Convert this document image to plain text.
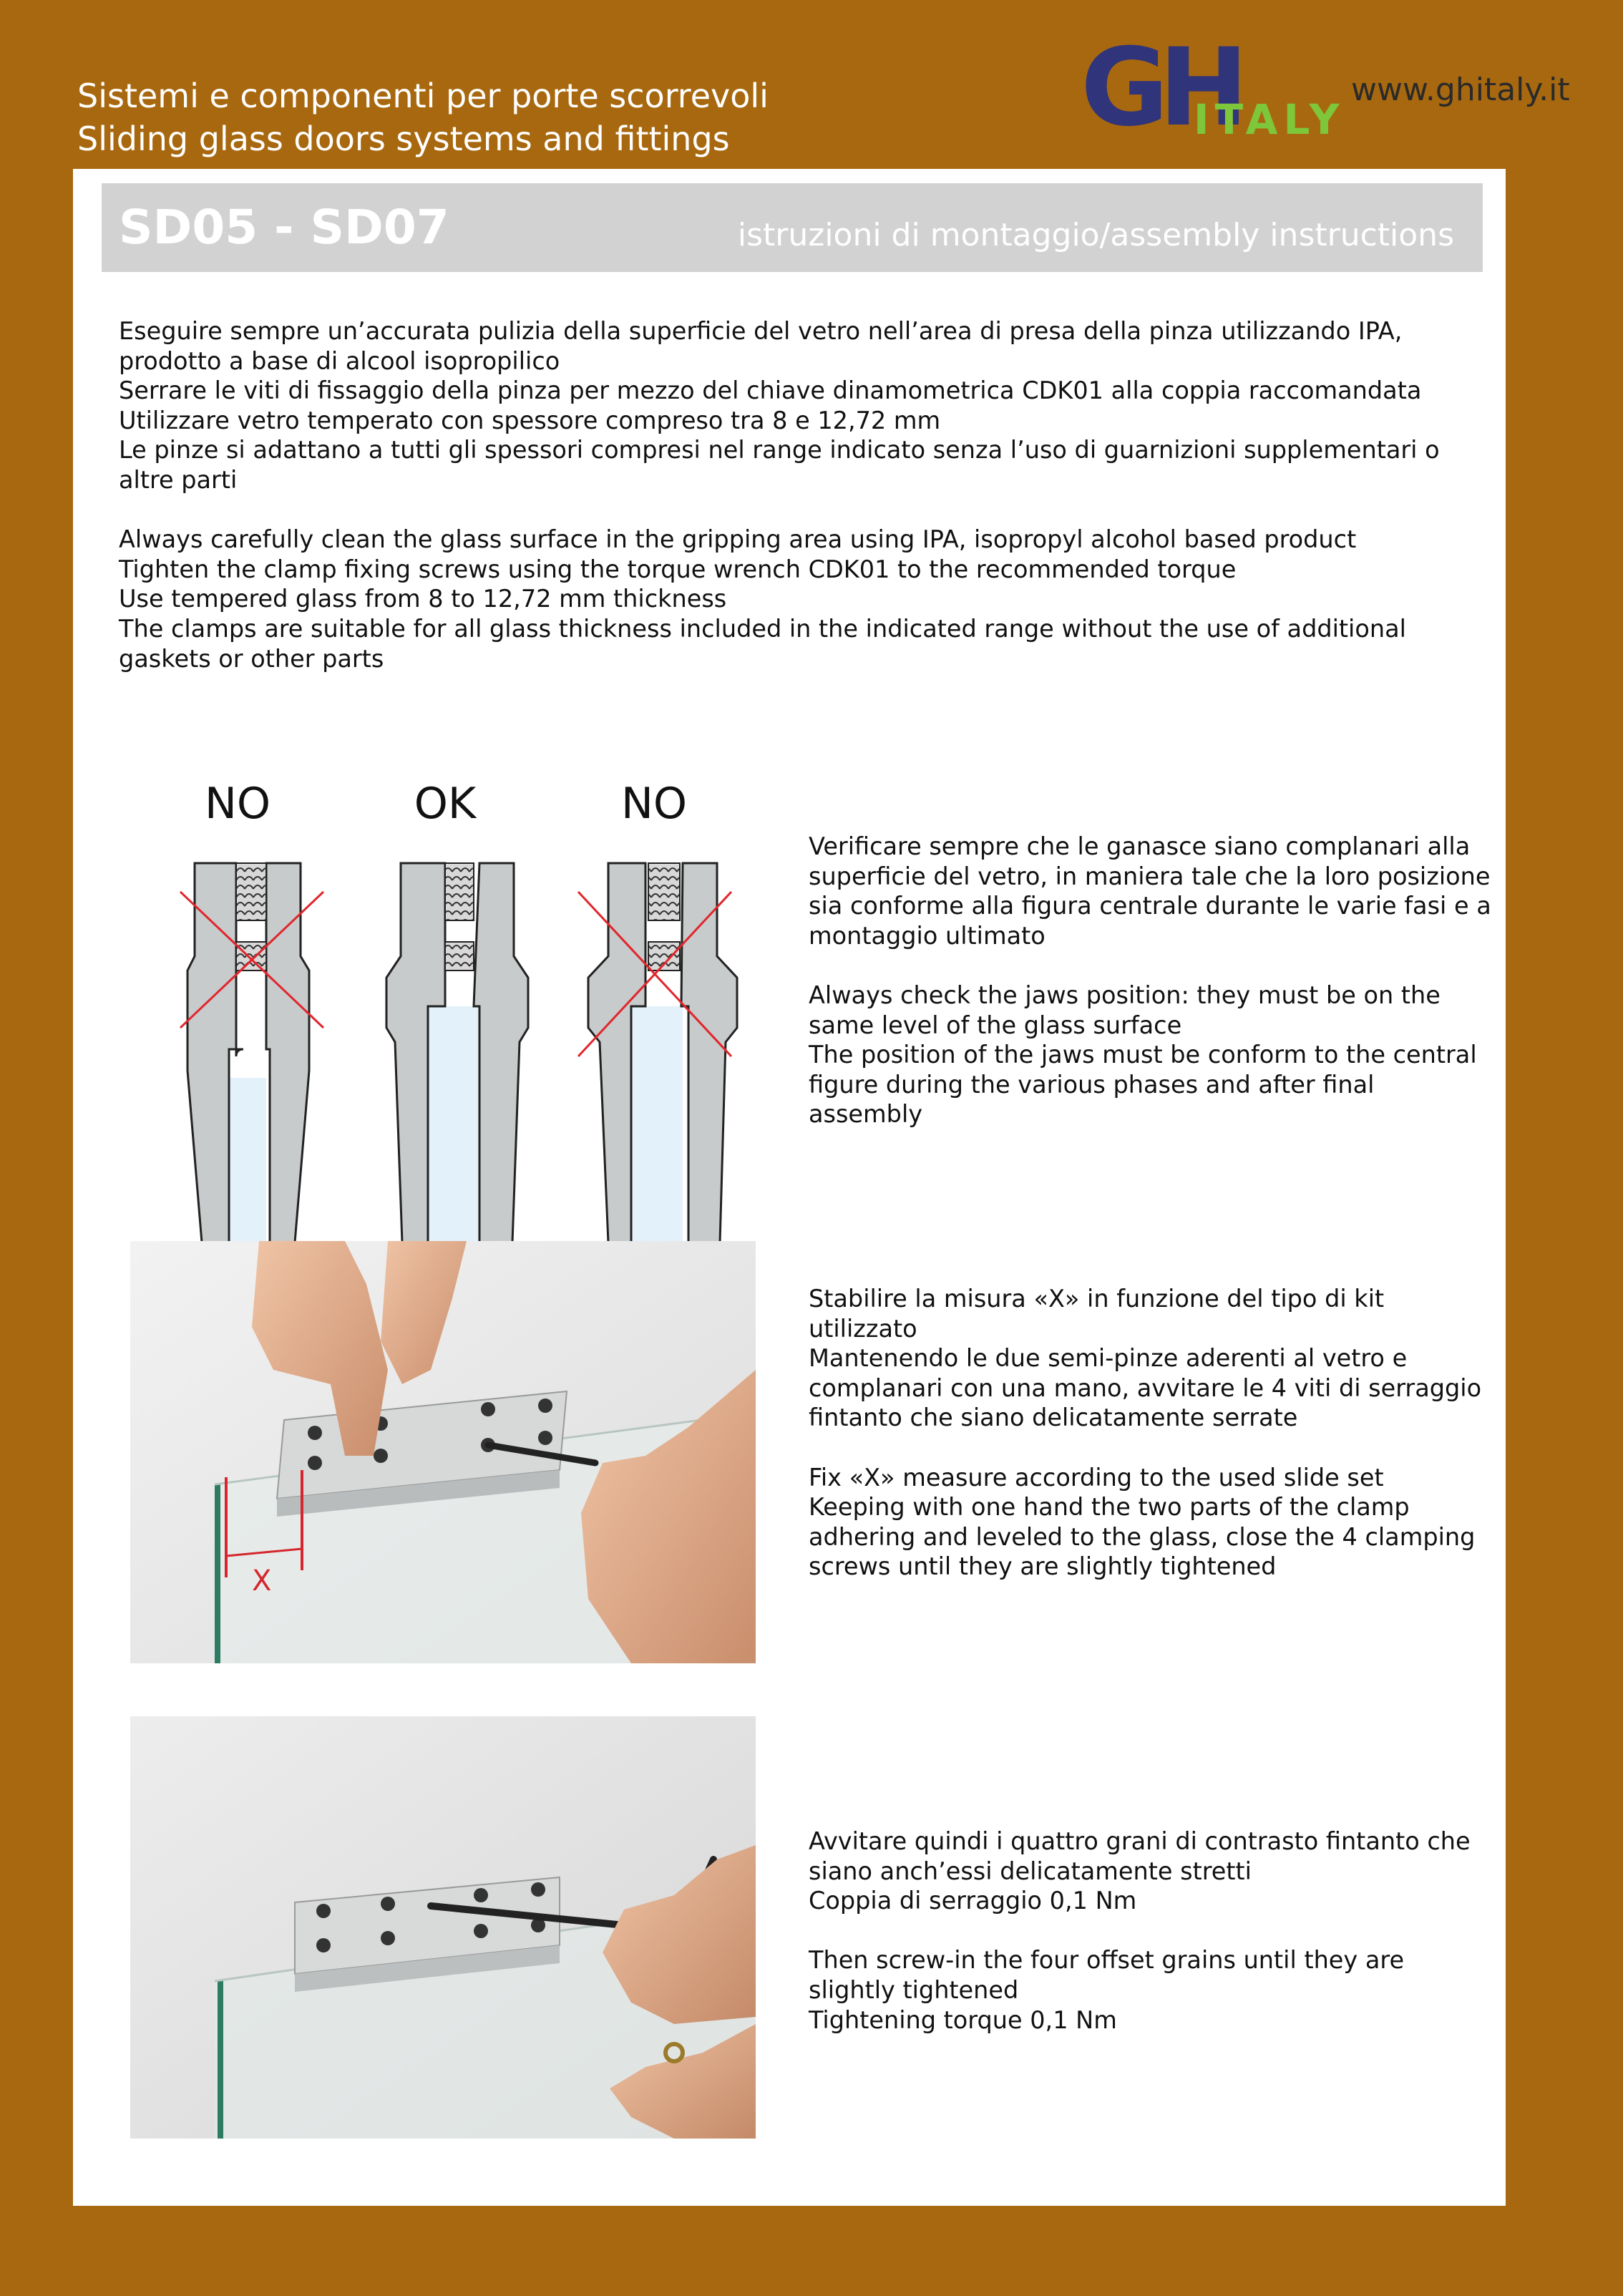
Sistemi e componenti per porte scorrevoli
Sliding glass doors systems and fittings	GH
ITALY
www.ghitaly.it
SD05 - SD07	istruzioni di montaggio/assembly instructions

Eseguire sempre un’accurata pulizia della superficie del vetro nell’area di presa della pinza utilizzando IPA, prodotto a base di alcool isopropilico

Serrare le viti di fissaggio della pinza per mezzo del chiave dinamometrica CDK01 alla coppia raccomandata

Utilizzare vetro temperato con spessore compreso tra 8 e 12,72 mm

Le pinze si adattano a tutti gli spessori compresi nel range indicato senza l’uso di guarnizioni supplementari o altre parti

Always carefully clean the glass surface in the gripping area using IPA, isopropyl alcohol based product

Tighten the clamp fixing screws using the torque wrench CDK01 to the recommended torque

Use tempered glass from 8 to 12,72 mm thickness

The clamps are suitable for all glass thickness included in the indicated range without the use of additional gaskets or other parts

NO	OK	NO

Verificare sempre che le ganasce siano complanari alla superficie del vetro, in maniera tale che la loro posizione sia conforme alla figura centrale durante le varie fasi e a montaggio ultimato

Always check the jaws position: they must be on the same level of the glass surface

The position of the jaws must be conform to the central figure during the various phases and after final assembly

X

Stabilire la misura «X» in funzione del tipo di kit utilizzato

Mantenendo le due semi-pinze aderenti al vetro e complanari con una mano, avvitare le 4 viti di serraggio fintanto che siano delicatamente serrate

Fix «X» measure according to the used slide set

Keeping with one hand the two parts of the clamp adhering and leveled to the glass, close the 4 clamping screws until they are slightly tightened

Avvitare quindi i quattro grani di contrasto fintanto che siano anch’essi delicatamente stretti

Coppia di serraggio 0,1 Nm

Then screw-in the four offset grains until they are slightly tightened

Tightening torque 0,1 Nm
